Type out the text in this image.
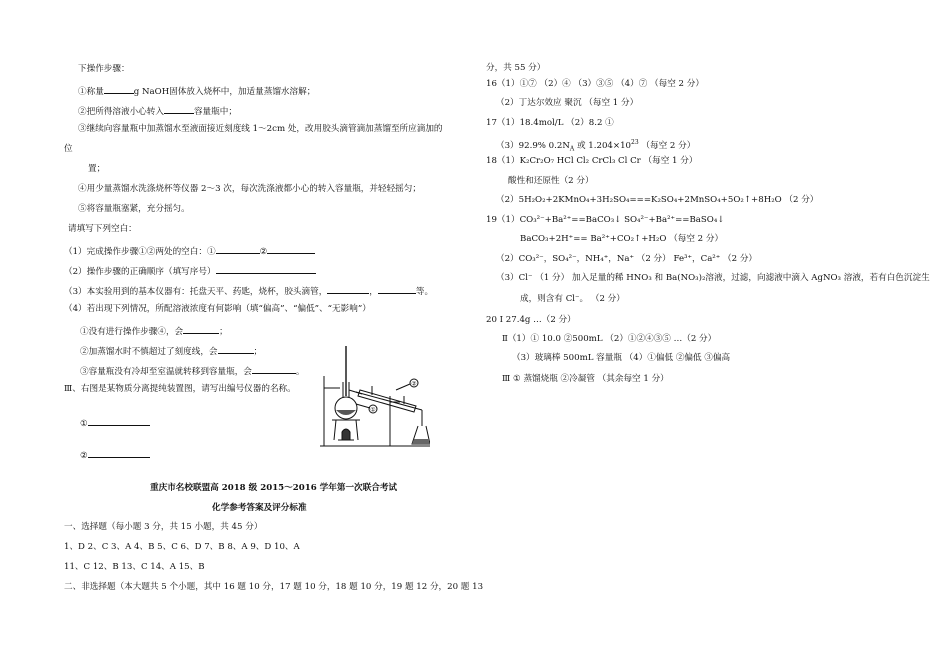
下操作步骤：
①称量	g NaOH固体放入烧杯中，加适量蒸馏水溶解；
②把所得溶液小心转入	容量瓶中；
③继续向容量瓶中加蒸馏水至液面接近刻度线 1～2cm 处，改用胶头滴管滴加蒸馏至所应滴加的
位
置；
④用少量蒸馏水洗涤烧杯等仪器 2～3 次，每次洗涤液都小心的转入容量瓶，并轻轻摇匀；
⑤将容量瓶塞紧，充分摇匀。
请填写下列空白：
（1）完成操作步骤①②两处的空白：①	②
（2）操作步骤的正确顺序（填写序号）
（3）本实验用到的基本仪器有：托盘天平、药匙，烧杯，胶头滴管，	，	等。
（4）若出现下列情况，所配溶液浓度有何影响（填“偏高”、“偏低”、“无影响”）
①没有进行操作步骤④，会	；
②加蒸馏水时不慎超过了刻度线，会	；
③容量瓶没有冷却至室温就转移到容量瓶，会	。
Ⅲ、右图是某物质分离提纯装置图，请写出编号仪器的名称。
①
②
①
②
重庆市名校联盟高 2018 级 2015～2016 学年第一次联合考试
化学参考答案及评分标准
一、选择题（每小题 3 分，共 15 小题，共 45 分）
1、D 2、C 3、A 4、B 5、C 6、D 7、B 8、A 9、D 10、A
11、C 12、B 13、C 14、A 15、B
二、非选择题（本大题共 5 个小题，其中 16 题 10 分，17 题 10 分，18 题 10 分，19 题 12 分，20 题 13
分，共 55 分）
16（1）①⑦ （2）④ （3）③⑤ （4）⑦ （每空 2 分）
（2）丁达尔效应 聚沉 （每空 1 分）
17（1）18.4mol/L （2）8.2 ①
（3）92.9% $0.2N_A$ 或 $1.204\times 10^{23}$ （每空 2 分）
18（1）K₂Cr₂O₇ HCl Cl₂ CrCl₃ Cl Cr （每空 1 分）
酸性和还原性（2 分）
（2）5H₂O₂+2KMnO₄+3H₂SO₄===K₂SO₄+2MnSO₄+5O₂↑+8H₂O （2 分）
19（1）CO₃²⁻+Ba²⁺==BaCO₃↓ SO₄²⁻+Ba²⁺==BaSO₄↓
BaCO₃+2H⁺== Ba²⁺+CO₂↑+H₂O （每空 2 分）
（2）CO₃²⁻，SO₄²⁻，NH₄⁺，Na⁺ （2 分） Fe³⁺，Ca²⁺ （2 分）
（3）Cl⁻ （1 分） 加入足量的稀 HNO₃ 和 Ba(NO₃)₂溶液，过滤，向滤液中滴入 AgNO₃ 溶液，若有白色沉淀生
成，则含有 Cl⁻。 （2 分）
20 Ⅰ 27.4g …（2 分）
Ⅱ（1）① 10.0 ②500mL （2）①②④③⑤ …（2 分）
（3）玻璃棒 500mL 容量瓶 （4）①偏低 ②偏低 ③偏高
Ⅲ ① 蒸馏烧瓶 ②冷凝管 （其余每空 1 分）
